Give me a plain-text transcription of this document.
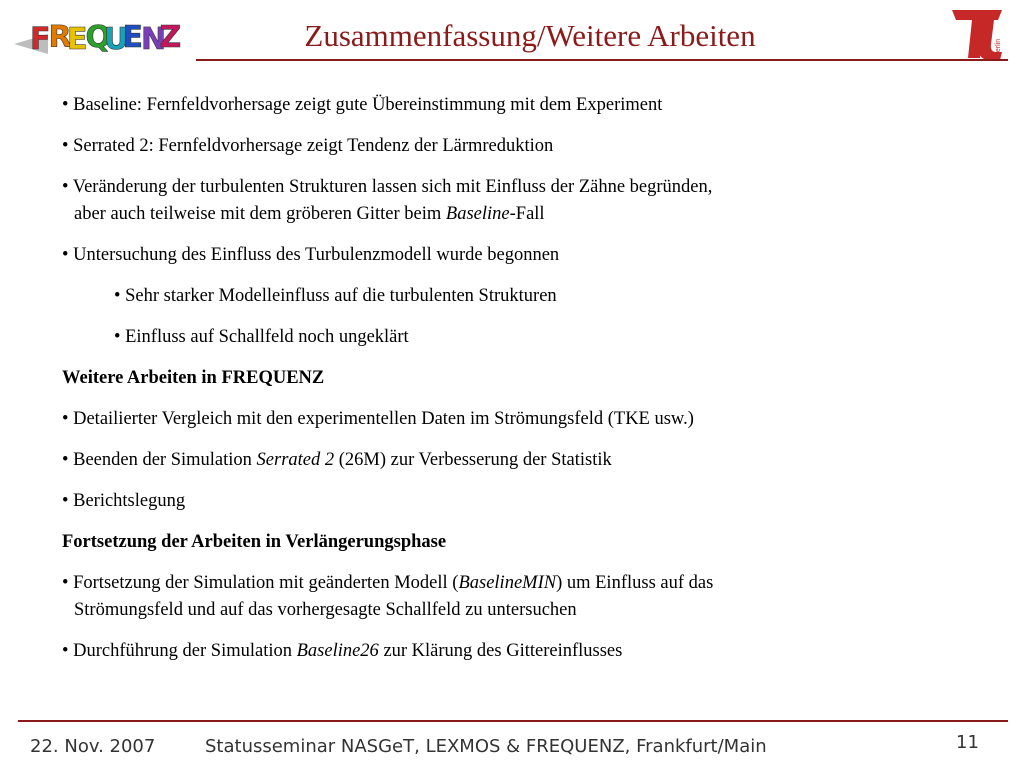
F
R
E
Q
U
E
N
Z	TU
berlin
Zusammenfassung/Weitere Arbeiten
• Baseline: Fernfeldvorhersage zeigt gute Übereinstimmung mit dem Experiment
• Serrated 2: Fernfeldvorhersage zeigt Tendenz der Lärmreduktion
• Veränderung der turbulenten Strukturen lassen sich mit Einfluss der Zähne begründen,
aber auch teilweise mit dem gröberen Gitter beim Baseline-Fall
• Untersuchung des Einfluss des Turbulenzmodell wurde begonnen
• Sehr starker Modelleinfluss auf die turbulenten Strukturen
• Einfluss auf Schallfeld noch ungeklärt
Weitere Arbeiten in FREQUENZ
• Detailierter Vergleich mit den experimentellen Daten im Strömungsfeld (TKE usw.)
• Beenden der Simulation Serrated 2 (26M) zur Verbesserung der Statistik
• Berichtslegung
Fortsetzung der Arbeiten in Verlängerungsphase
• Fortsetzung der Simulation mit geänderten Modell (BaselineMIN) um Einfluss auf das
Strömungsfeld und auf das vorhergesagte Schallfeld zu untersuchen
• Durchführung der Simulation Baseline26 zur Klärung des Gittereinflusses
22. Nov. 2007	Statusseminar NASGeT, LEXMOS & FREQUENZ, Frankfurt/Main	11
